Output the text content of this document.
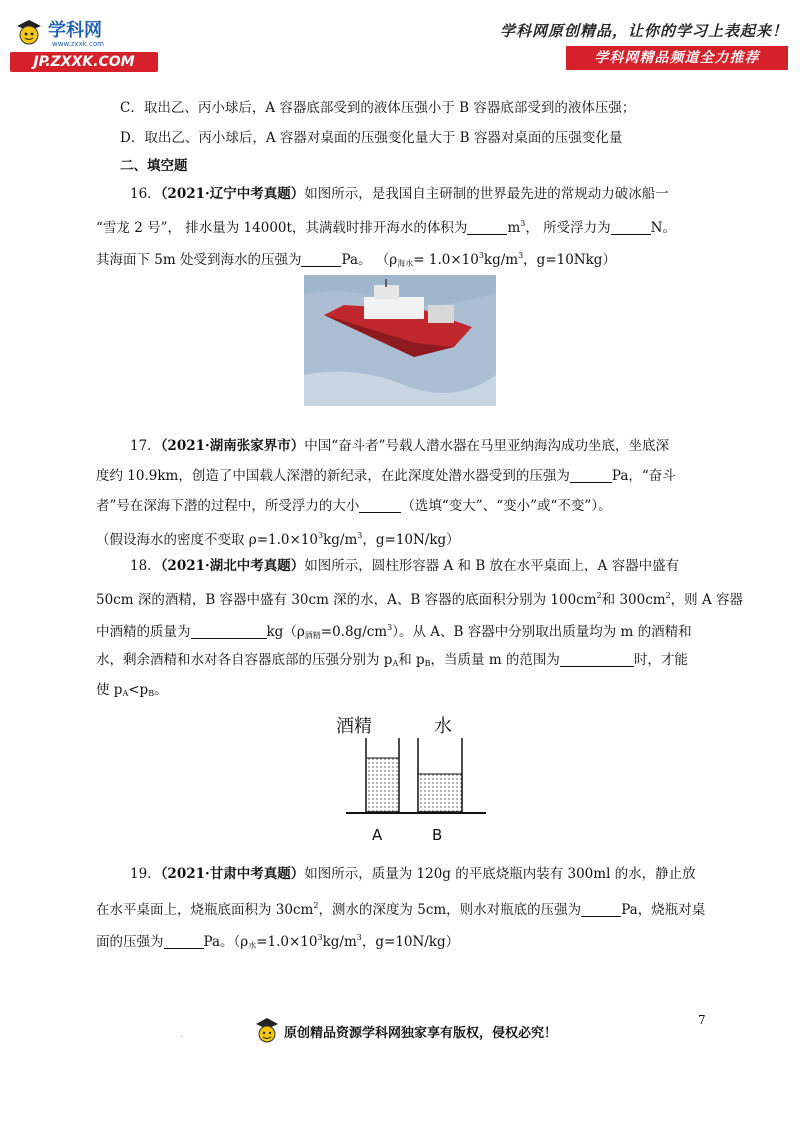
学科网
www.zxxk.com
JP.ZXXK.COM
学科网原创精品，让你的学习上表起来！
学科网精品频道全力推荐
C．取出乙、丙小球后，A 容器底部受到的液体压强小于 B 容器底部受到的液体压强；
D．取出乙、丙小球后，A 容器对桌面的压强变化量大于 B 容器对桌面的压强变化量
二、填空题
16．（2021·辽宁中考真题）如图所示，是我国自主研制的世界最先进的常规动力破冰船一
“雪龙 2 号”， 排水量为 14000t，其满载时排开海水的体积为	$m^3$， 所受浮力为	N。
其海面下 5m 处受到海水的压强为	Pa。 （$\rho_{海水}= 1.0\times 10^3kg/m^3$，g=10Nkg）
17．（2021·湖南张家界市）中国“奋斗者”号载人潜水器在马里亚纳海沟成功坐底，坐底深
度约 10.9km，创造了中国载人深潜的新纪录，在此深度处潜水器受到的压强为	Pa，“奋斗
者”号在深海下潜的过程中，所受浮力的大小	（选填“变大”、“变小”或“不变”）。
（假设海水的密度不变取 $\rho=1.0\times 10^3kg/m^3$，g=10N/kg）
18．（2021·湖北中考真题）如图所示，圆柱形容器 A 和 B 放在水平桌面上，A 容器中盛有
50cm 深的酒精，B 容器中盛有 30cm 深的水，A、B 容器的底面积分别为 $100cm^2$和 $300cm^2$，则 A 容器
中酒精的质量为	$kg(\rho_{酒精}=0.8g/cm^3)$。从 A、B 容器中分别取出质量均为 m 的酒精和
水，剩余酒精和水对各自容器底部的压强分别为 $p_A$和 $p_B$，当质量 m 的范围为	时，才能
使 $p_A<p_B$。
酒精	水
A	B
19．（2021·甘肃中考真题）如图所示，质量为 120g 的平底烧瓶内装有 300ml 的水，静止放
在水平桌面上，烧瓶底面积为 $30cm^2$，测水的深度为 5cm，则水对瓶底的压强为	Pa，烧瓶对桌
面的压强为	Pa。（$\rho_水=1.0\times 10^3kg/m^3$，g=10N/kg）
7
.	原创精品资源学科网独家享有版权，侵权必究！
